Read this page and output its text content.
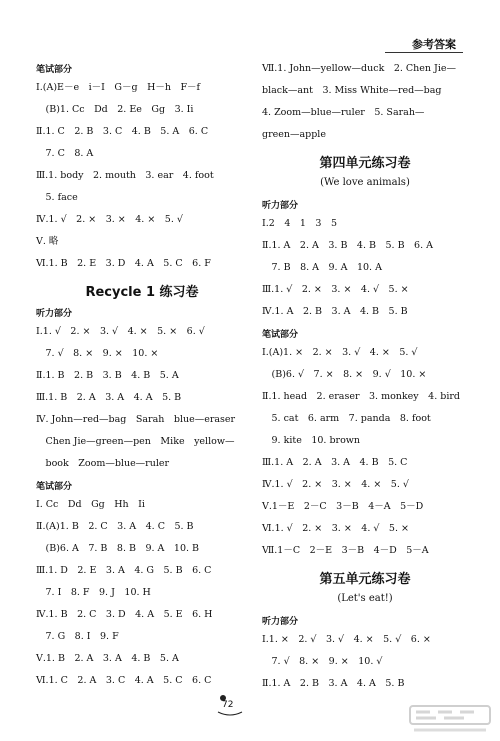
参考答案
笔试部分
Ⅰ.(A)E－e　i－I　G－g　H－h　F－f
　(B)1. Cc　Dd　2. Ee　Gg　3. Ii
Ⅱ.1. C　2. B　3. C　4. B　5. A　6. C
　7. C　8. A
Ⅲ.1. body　2. mouth　3. ear　4. foot
　5. face
Ⅳ.1. √　2. ×　3. ×　4. ×　5. √
Ⅴ. 略
Ⅵ.1. B　2. E　3. D　4. A　5. C　6. F
Recycle 1 练习卷
听力部分
Ⅰ.1. √　2. ×　3. √　4. ×　5. ×　6. √
　7. √　8. ×　9. ×　10. ×
Ⅱ.1. B　2. B　3. B　4. B　5. A
Ⅲ.1. B　2. A　3. A　4. A　5. B
Ⅳ. John—red—bag　Sarah　blue—eraser
　Chen Jie—green—pen　Mike　yellow—
　book　Zoom—blue—ruler
笔试部分
Ⅰ. Cc　Dd　Gg　Hh　Ii
Ⅱ.(A)1. B　2. C　3. A　4. C　5. B
　(B)6. A　7. B　8. B　9. A　10. B
Ⅲ.1. D　2. E　3. A　4. G　5. B　6. C
　7. I　8. F　9. J　10. H
Ⅳ.1. B　2. C　3. D　4. A　5. E　6. H
　7. G　8. I　9. F
Ⅴ.1. B　2. A　3. A　4. B　5. A
Ⅵ.1. C　2. A　3. C　4. A　5. C　6. C
Ⅶ.1. John—yellow—duck　2. Chen Jie—
black—ant　3. Miss White—red—bag
4. Zoom—blue—ruler　5. Sarah—
green—apple
第四单元练习卷
(We love animals)
听力部分
Ⅰ.2　4　1　3　5
Ⅱ.1. A　2. A　3. B　4. B　5. B　6. A
　7. B　8. A　9. A　10. A
Ⅲ.1. √　2. ×　3. ×　4. √　5. ×
Ⅳ.1. A　2. B　3. A　4. B　5. B
笔试部分
Ⅰ.(A)1. ×　2. ×　3. √　4. ×　5. √
　(B)6. √　7. ×　8. ×　9. √　10. ×
Ⅱ.1. head　2. eraser　3. monkey　4. bird
　5. cat　6. arm　7. panda　8. foot
　9. kite　10. brown
Ⅲ.1. A　2. A　3. A　4. B　5. C
Ⅳ.1. √　2. ×　3. ×　4. ×　5. √
Ⅴ.1－E　2－C　3－B　4－A　5－D
Ⅵ.1. √　2. ×　3. ×　4. √　5. ×
Ⅶ.1－C　2－E　3－B　4－D　5－A
第五单元练习卷
(Let's eat!)
听力部分
Ⅰ.1. ×　2. √　3. √　4. ×　5. √　6. ×
　7. √　8. ×　9. ×　10. √
Ⅱ.1. A　2. B　3. A　4. A　5. B
72
